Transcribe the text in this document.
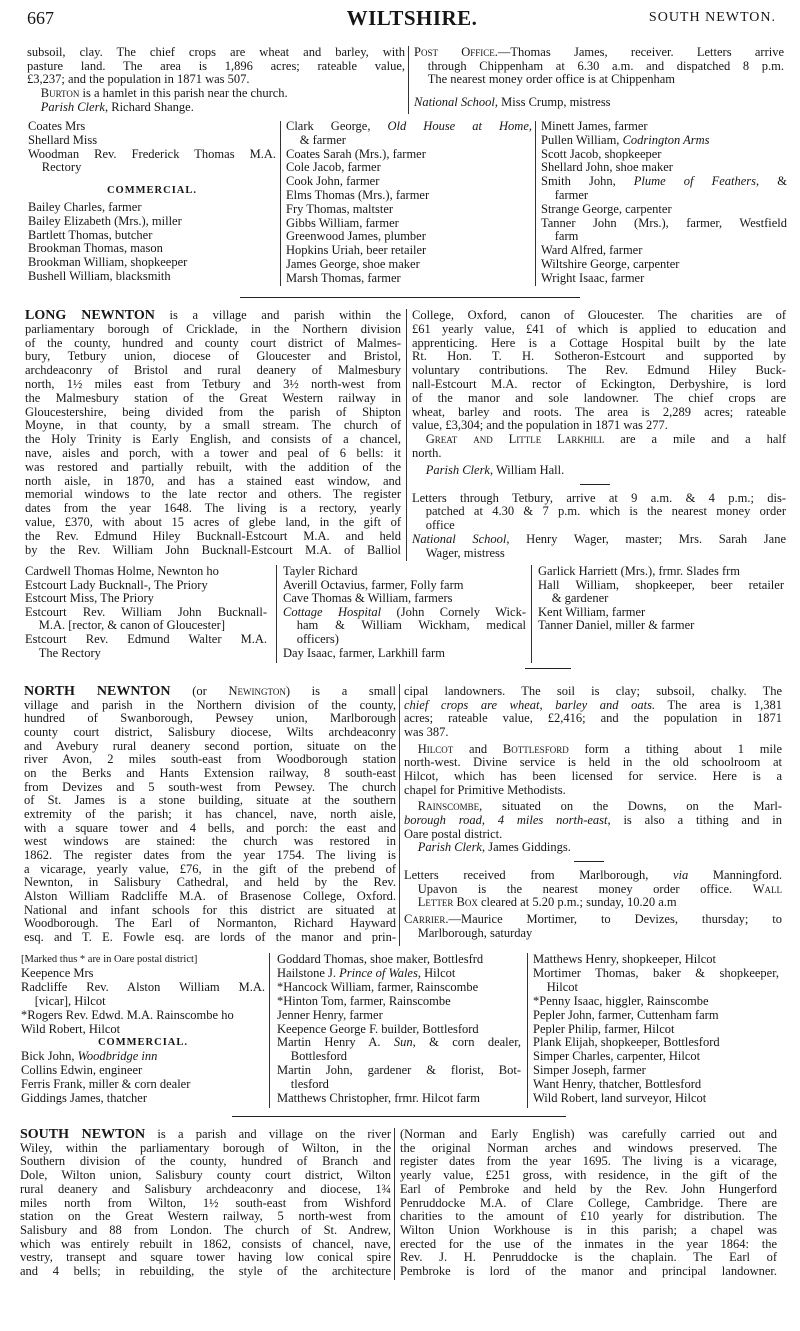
667	WILTSHIRE.	SOUTH NEWTON.
subsoil, clay. The chief crops are wheat and barley, with
pasture land. The area is 1,896 acres; rateable value,
£3,237; and the population in 1871 was 507.
Burton is a hamlet in this parish near the church.
Parish Clerk, Richard Shange.
Post Office.—Thomas James, receiver. Letters arrive
through Chippenham at 6.30 a.m. and dispatched 8 p.m.
The nearest money order office is at Chippenham
National School, Miss Crump, mistress
Coates Mrs
Shellard Miss
Woodman Rev. Frederick Thomas M.A.
Rectory
COMMERCIAL.
Bailey Charles, farmer
Bailey Elizabeth (Mrs.), miller
Bartlett Thomas, butcher
Brookman Thomas, mason
Brookman William, shopkeeper
Bushell William, blacksmith
Clark George, Old House at Home,
& farmer
Coates Sarah (Mrs.), farmer
Cole Jacob, farmer
Cook John, farmer
Elms Thomas (Mrs.), farmer
Fry Thomas, maltster
Gibbs William, farmer
Greenwood James, plumber
Hopkins Uriah, beer retailer
James George, shoe maker
Marsh Thomas, farmer
Minett James, farmer
Pullen William, Codrington Arms
Scott Jacob, shopkeeper
Shellard John, shoe maker
Smith John, Plume of Feathers, &
farmer
Strange George, carpenter
Tanner John (Mrs.), farmer, Westfield
farm
Ward Alfred, farmer
Wiltshire George, carpenter
Wright Isaac, farmer
LONG NEWNTON is a village and parish within the
parliamentary borough of Cricklade, in the Northern division
of the county, hundred and county court district of Malmes-
bury, Tetbury union, diocese of Gloucester and Bristol,
archdeaconry of Bristol and rural deanery of Malmesbury
north, 1½ miles east from Tetbury and 3½ north-west from
the Malmesbury station of the Great Western railway in
Gloucestershire, being divided from the parish of Shipton
Moyne, in that county, by a small stream. The church of
the Holy Trinity is Early English, and consists of a chancel,
nave, aisles and porch, with a tower and peal of 6 bells: it
was restored and partially rebuilt, with the addition of the
north aisle, in 1870, and has a stained east window, and
memorial windows to the late rector and others. The register
dates from the year 1648. The living is a rectory, yearly
value, £370, with about 15 acres of glebe land, in the gift of
the Rev. Edmund Hiley Bucknall-Estcourt M.A. and held
by the Rev. William John Bucknall-Estcourt M.A. of Balliol
College, Oxford, canon of Gloucester. The charities are of
£61 yearly value, £41 of which is applied to education and
apprenticing. Here is a Cottage Hospital built by the late
Rt. Hon. T. H. Sotheron-Estcourt and supported by
voluntary contributions. The Rev. Edmund Hiley Buck-
nall-Estcourt M.A. rector of Eckington, Derbyshire, is lord
of the manor and sole landowner. The chief crops are
wheat, barley and roots. The area is 2,289 acres; rateable
value, £3,304; and the population in 1871 was 277.
Great and Little Larkhill are a mile and a half
north.
Parish Clerk, William Hall.
Letters through Tetbury, arrive at 9 a.m. & 4 p.m.; dis-
patched at 4.30 & 7 p.m. which is the nearest money order
office
National School, Henry Wager, master; Mrs. Sarah Jane
Wager, mistress
Cardwell Thomas Holme, Newnton ho
Estcourt Lady Bucknall-, The Priory
Estcourt Miss, The Priory
Estcourt Rev. William John Bucknall-
M.A. [rector, & canon of Gloucester]
Estcourt Rev. Edmund Walter M.A.
The Rectory
Tayler Richard
Averill Octavius, farmer, Folly farm
Cave Thomas & William, farmers
Cottage Hospital (John Cornely Wick-
ham & William Wickham, medical
officers)
Day Isaac, farmer, Larkhill farm
Garlick Harriett (Mrs.), frmr. Slades frm
Hall William, shopkeeper, beer retailer
& gardener
Kent William, farmer
Tanner Daniel, miller & farmer
NORTH NEWNTON (or Newington) is a small
village and parish in the Northern division of the county,
hundred of Swanborough, Pewsey union, Marlborough
county court district, Salisbury diocese, Wilts archdeaconry
and Avebury rural deanery second portion, situate on the
river Avon, 2 miles south-east from Woodborough station
on the Berks and Hants Extension railway, 8 south-east
from Devizes and 5 south-west from Pewsey. The church
of St. James is a stone building, situate at the southern
extremity of the parish; it has chancel, nave, north aisle,
with a square tower and 4 bells, and porch: the east and
west windows are stained: the church was restored in
1862. The register dates from the year 1754. The living is
a vicarage, yearly value, £76, in the gift of the prebend of
Newnton, in Salisbury Cathedral, and held by the Rev.
Alston William Radcliffe M.A. of Brasenose College, Oxford.
National and infant schools for this district are situated at
Woodborough. The Earl of Normanton, Richard Hayward
esq. and T. E. Fowle esq. are lords of the manor and prin-
cipal landowners. The soil is clay; subsoil, chalky. The
chief crops are wheat, barley and oats. The area is 1,381
acres; rateable value, £2,416; and the population in 1871
was 387.
Hilcot and Bottlesford form a tithing about 1 mile
north-west. Divine service is held in the old schoolroom at
Hilcot, which has been licensed for service. Here is a
chapel for Primitive Methodists.
Rainscombe, situated on the Downs, on the Marl-
borough road, 4 miles north-east, is also a tithing and in
Oare postal district.
Parish Clerk, James Giddings.
Letters received from Marlborough, via Manningford.
Upavon is the nearest money order office. Wall
Letter Box cleared at 5.20 p.m.; sunday, 10.20 a.m
Carrier.—Maurice Mortimer, to Devizes, thursday; to
Marlborough, saturday
[Marked thus * are in Oare postal district]
Keepence Mrs
Radcliffe Rev. Alston William M.A.
[vicar], Hilcot
*Rogers Rev. Edwd. M.A. Rainscombe ho
Wild Robert, Hilcot
COMMERCIAL.
Bick John, Woodbridge inn
Collins Edwin, engineer
Ferris Frank, miller & corn dealer
Giddings James, thatcher
Goddard Thomas, shoe maker, Bottlesfrd
Hailstone J. Prince of Wales, Hilcot
*Hancock William, farmer, Rainscombe
*Hinton Tom, farmer, Rainscombe
Jenner Henry, farmer
Keepence George F. builder, Bottlesford
Martin Henry A. Sun, & corn dealer,
Bottlesford
Martin John, gardener & florist, Bot-
tlesford
Matthews Christopher, frmr. Hilcot farm
Matthews Henry, shopkeeper, Hilcot
Mortimer Thomas, baker & shopkeeper,
Hilcot
*Penny Isaac, higgler, Rainscombe
Pepler John, farmer, Cuttenham farm
Pepler Philip, farmer, Hilcot
Plank Elijah, shopkeeper, Bottlesford
Simper Charles, carpenter, Hilcot
Simper Joseph, farmer
Want Henry, thatcher, Bottlesford
Wild Robert, land surveyor, Hilcot
SOUTH NEWTON is a parish and village on the river
Wiley, within the parliamentary borough of Wilton, in the
Southern division of the county, hundred of Branch and
Dole, Wilton union, Salisbury county court district, Wilton
rural deanery and Salisbury archdeaconry and diocese, 1¾
miles north from Wilton, 1½ south-east from Wishford
station on the Great Western railway, 5 north-west from
Salisbury and 88 from London. The church of St. Andrew,
which was entirely rebuilt in 1862, consists of chancel, nave,
vestry, transept and square tower having low conical spire
and 4 bells; in rebuilding, the style of the architecture
(Norman and Early English) was carefully carried out and
the original Norman arches and windows preserved. The
register dates from the year 1695. The living is a vicarage,
yearly value, £251 gross, with residence, in the gift of the
Earl of Pembroke and held by the Rev. John Hungerford
Penruddocke M.A. of Clare College, Cambridge. There are
charities to the amount of £10 yearly for distribution. The
Wilton Union Workhouse is in this parish; a chapel was
erected for the use of the inmates in the year 1864: the
Rev. J. H. Penruddocke is the chaplain. The Earl of
Pembroke is lord of the manor and principal landowner.
